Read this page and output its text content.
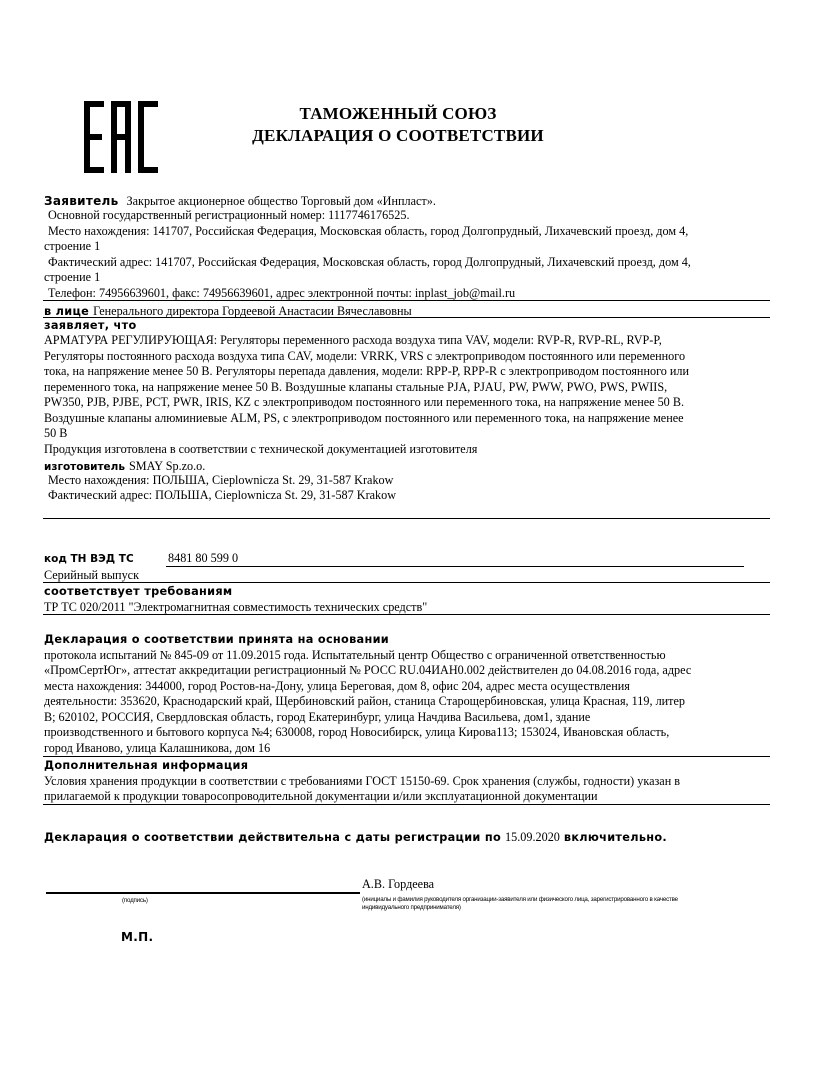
ТАМОЖЕННЫЙ СОЮЗ
ДЕКЛАРАЦИЯ О СООТВЕТСТВИИ
Заявитель Закрытое акционерное общество Торговый дом «Инпласт».
Основной государственный регистрационный номер: 1117746176525.
Место нахождения: 141707, Российская Федерация, Московская область, город Долгопрудный, Лихачевский проезд, дом 4,
строение 1
Фактический адрес: 141707, Российская Федерация, Московская область, город Долгопрудный, Лихачевский проезд, дом 4,
строение 1
Телефон: 74956639601, факс: 74956639601, адрес электронной почты: inplast_job@mail.ru
в лице Генерального директора Гордеевой Анастасии Вячеславовны
заявляет, что
АРМАТУРА РЕГУЛИРУЮЩАЯ: Регуляторы переменного расхода воздуха типа VAV, модели: RVP-R, RVP-RL, RVP-P,
Регуляторы постоянного расхода воздуха типа CAV, модели: VRRK, VRS с электроприводом постоянного или переменного
тока, на напряжение менее 50 В. Регуляторы перепада давления, модели: RPP-P, RPP-R с электроприводом постоянного или
переменного тока, на напряжение менее 50 В. Воздушные клапаны стальные PJA, PJAU, PW, PWW, PWO, PWS, PWIIS,
PW350, PJB, PJBE, PCT, PWR, IRIS, KZ с электроприводом постоянного или переменного тока, на напряжение менее 50 В.
Воздушные клапаны алюминиевые ALM, PS, с электроприводом постоянного или переменного тока, на напряжение менее
50 В
Продукция изготовлена в соответствии с технической документацией изготовителя
изготовитель SMAY Sp.zo.o.
Место нахождения: ПОЛЬША, Cieplownicza St. 29, 31-587 Krakow
Фактический адрес: ПОЛЬША, Cieplownicza St. 29, 31-587 Krakow
код ТН ВЭД ТС	8481 80 599 0
Серийный выпуск
соответствует требованиям
ТР ТС 020/2011 "Электромагнитная совместимость технических средств"
Декларация о соответствии принята на основании
протокола испытаний № 845-09 от 11.09.2015 года. Испытательный центр Общество с ограниченной ответственностью
«ПромСертЮг», аттестат аккредитации регистрационный № РОСС RU.04ИАН0.002 действителен до 04.08.2016 года, адрес
места нахождения: 344000, город Ростов-на-Дону, улица Береговая, дом 8, офис 204, адрес места осуществления
деятельности: 353620, Краснодарский край, Щербиновский район, станица Старощербиновская, улица Красная, 119, литер
В; 620102, РОССИЯ, Свердловская область, город Екатеринбург, улица Начдива Васильева, дом1, здание
производственного и бытового корпуса №4; 630008, город Новосибирск, улица Кирова113; 153024, Ивановская область,
город Иваново, улица Калашникова, дом 16
Дополнительная информация
Условия хранения продукции в соответствии с требованиями ГОСТ 15150-69. Срок хранения (службы, годности) указан в
прилагаемой к продукции товаросопроводительной документации и/или эксплуатационной документации
Декларация о соответствии действительна с даты регистрации по 15.09.2020 включительно.
А.В. Гордеева
(подпись)	(инициалы и фамилия руководителя организации-заявителя или физического лица, зарегистрированного в качестве
индивидуального предпринимателя)
М.П.
